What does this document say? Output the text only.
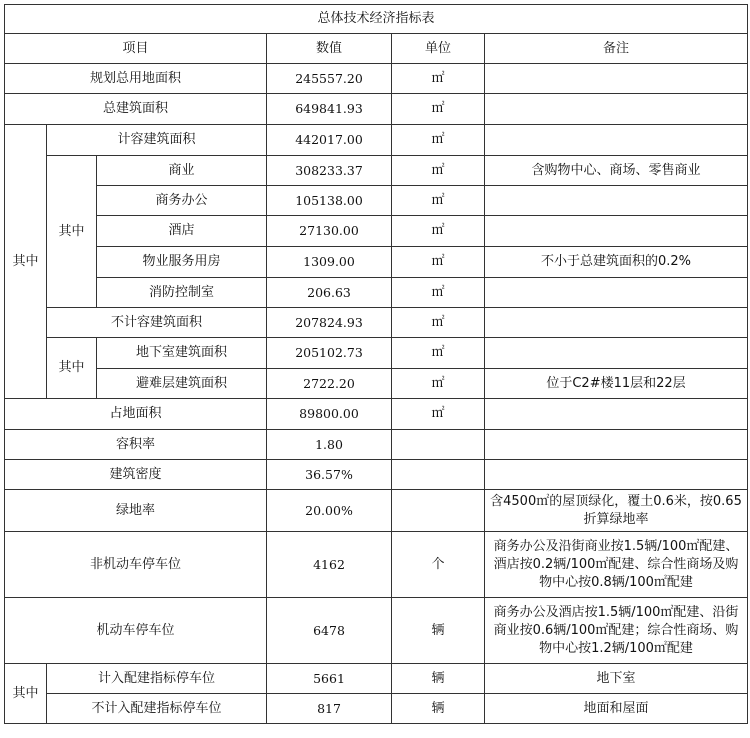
总体技术经济指标表					
项目			数值	单位	备注
规划总用地面积			245557.20	㎡	
总建筑面积			649841.93	㎡	
其中	计容建筑面积		442017.00	㎡	
	其中	商业	308233.37	㎡	含购物中心、商场、零售商业
		商务办公	105138.00	㎡	
		酒店	27130.00	㎡	
		物业服务用房	1309.00	㎡	不小于总建筑面积的0.2%
		消防控制室	206.63	㎡	
	不计容建筑面积		207824.93	㎡	
	其中	地下室建筑面积	205102.73	㎡	
		避难层建筑面积	2722.20	㎡	位于C2#楼11层和22层
占地面积			89800.00	㎡	
容积率			1.80		
建筑密度			36.57%		
绿地率			20.00%		含4500㎡的屋顶绿化，覆土0.6米，按0.65折算绿地率
非机动车停车位			4162	个	商务办公及沿街商业按1.5辆/100㎡配建、酒店按0.2辆/100㎡配建、综合性商场及购物中心按0.8辆/100㎡配建
机动车停车位			6478	辆	商务办公及酒店按1.5辆/100㎡配建、沿街商业按0.6辆/100㎡配建；综合性商场、购物中心按1.2辆/100㎡配建
其中	计入配建指标停车位		5661	辆	地下室
	不计入配建指标停车位		817	辆	地面和屋面
